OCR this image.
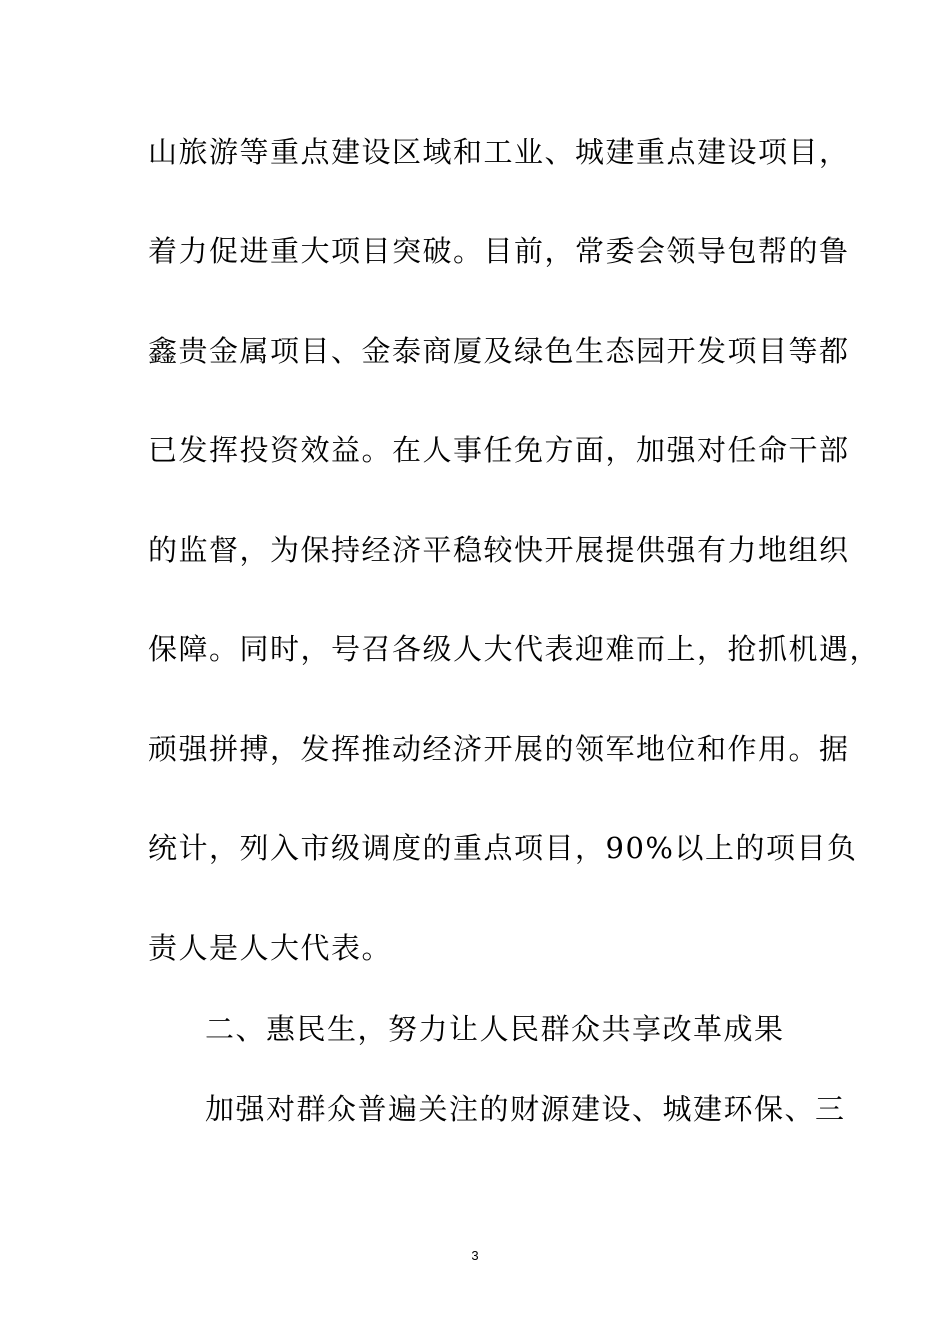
山旅游等重点建设区域和工业、城建重点建设项目，
着力促进重大项目突破。目前，常委会领导包帮的鲁
鑫贵金属项目、金泰商厦及绿色生态园开发项目等都
已发挥投资效益。在人事任免方面，加强对任命干部
的监督，为保持经济平稳较快开展提供强有力地组织
保障。同时，号召各级人大代表迎难而上，抢抓机遇，
顽强拼搏，发挥推动经济开展的领军地位和作用。据
统计，列入市级调度的重点项目，90%以上的项目负
责人是人大代表。
二、惠民生，努力让人民群众共享改革成果
加强对群众普遍关注的财源建设、城建环保、三
3
